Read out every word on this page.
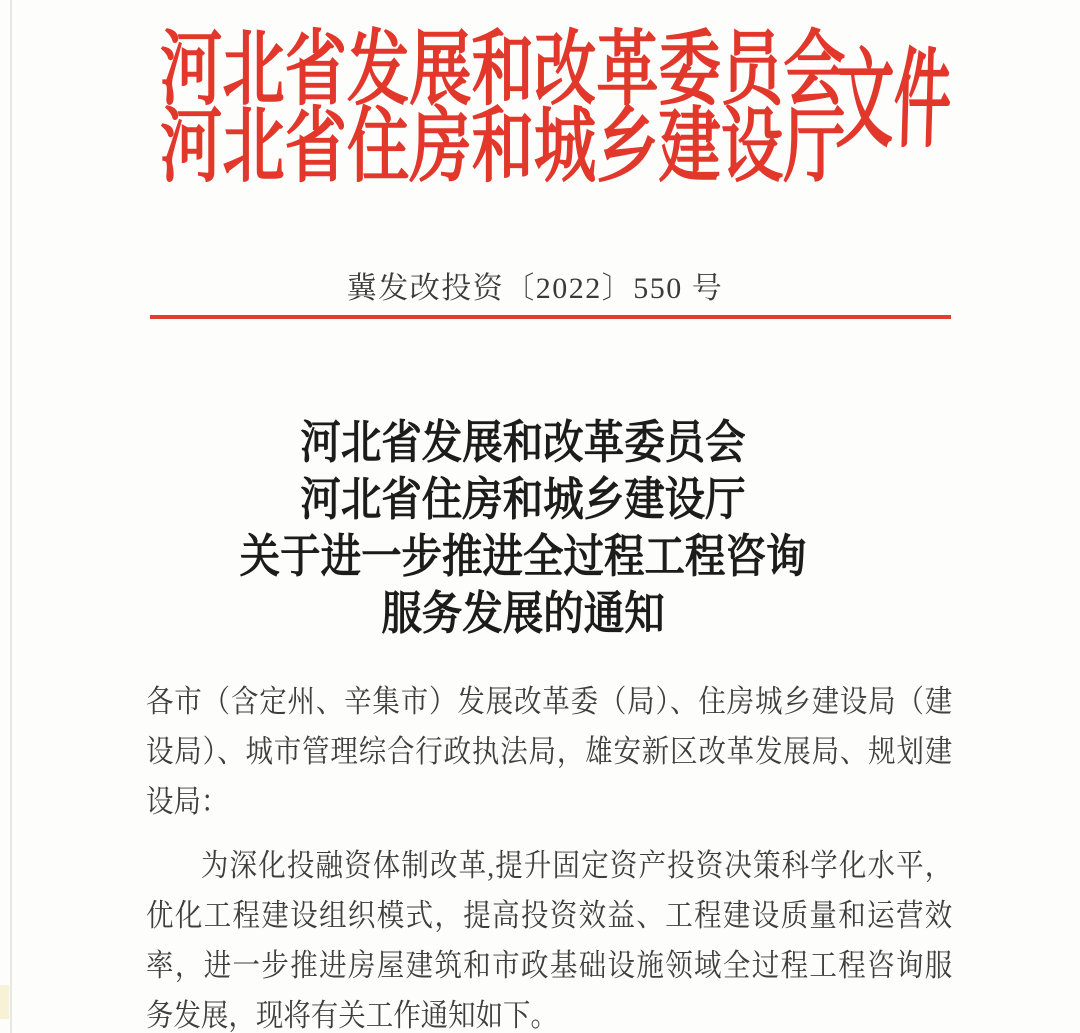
河北省发展和改革委员会
河北省住房和城乡建设厅
文件
冀发改投资〔2022〕550 号
河北省发展和改革委员会
河北省住房和城乡建设厅
关于进一步推进全过程工程咨询
服务发展的通知
各市（含定州、辛集市）发展改革委（局）、住房城乡建设局（建
设局）、城市管理综合行政执法局，雄安新区改革发展局、规划建
设局：
为深化投融资体制改革,提升固定资产投资决策科学化水平，
优化工程建设组织模式，提高投资效益、工程建设质量和运营效
率，进一步推进房屋建筑和市政基础设施领域全过程工程咨询服
务发展，现将有关工作通知如下。
